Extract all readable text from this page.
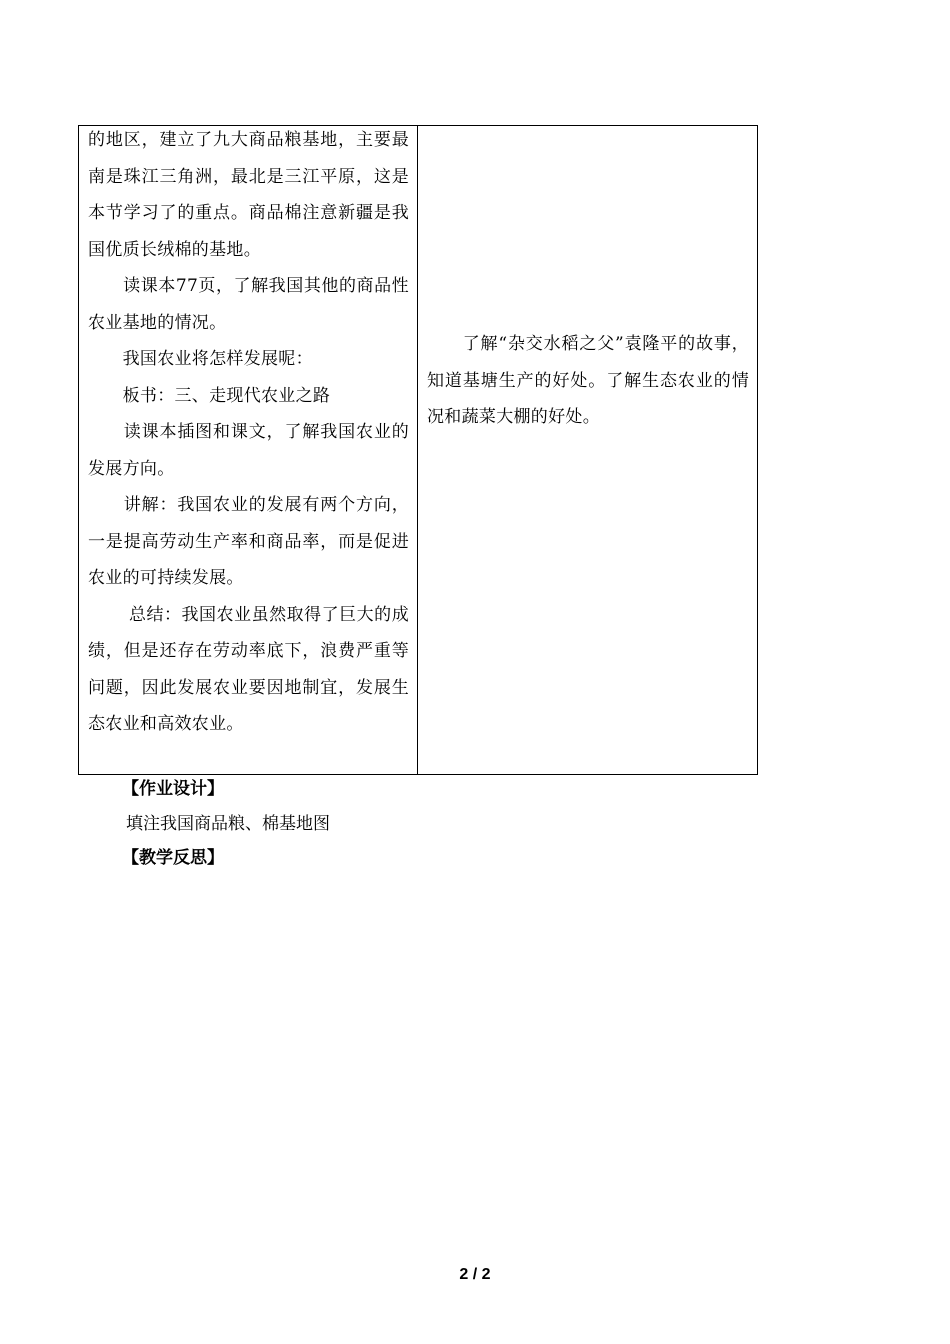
的地区，建立了九大商品粮基地，主要最南是珠江三角洲，最北是三江平原，这是本节学习了的重点。商品棉注意新疆是我国优质长绒棉的基地。

　　读课本77页，了解我国其他的商品性农业基地的情况。

　　我国农业将怎样发展呢：

　　板书：三、走现代农业之路

　　读课本插图和课文，了解我国农业的发展方向。

　　讲解：我国农业的发展有两个方向，一是提高劳动生产率和商品率，而是促进农业的可持续发展。

　　 总结：我国农业虽然取得了巨大的成绩，但是还存在劳动率底下，浪费严重等问题，因此发展农业要因地制宜，发展生态农业和高效农业。

　　了解“杂交水稻之父”袁隆平的故事，知道基塘生产的好处。了解生态农业的情况和蔬菜大棚的好处。

【作业设计】
填注我国商品粮、棉基地图
【教学反思】
2 / 2
